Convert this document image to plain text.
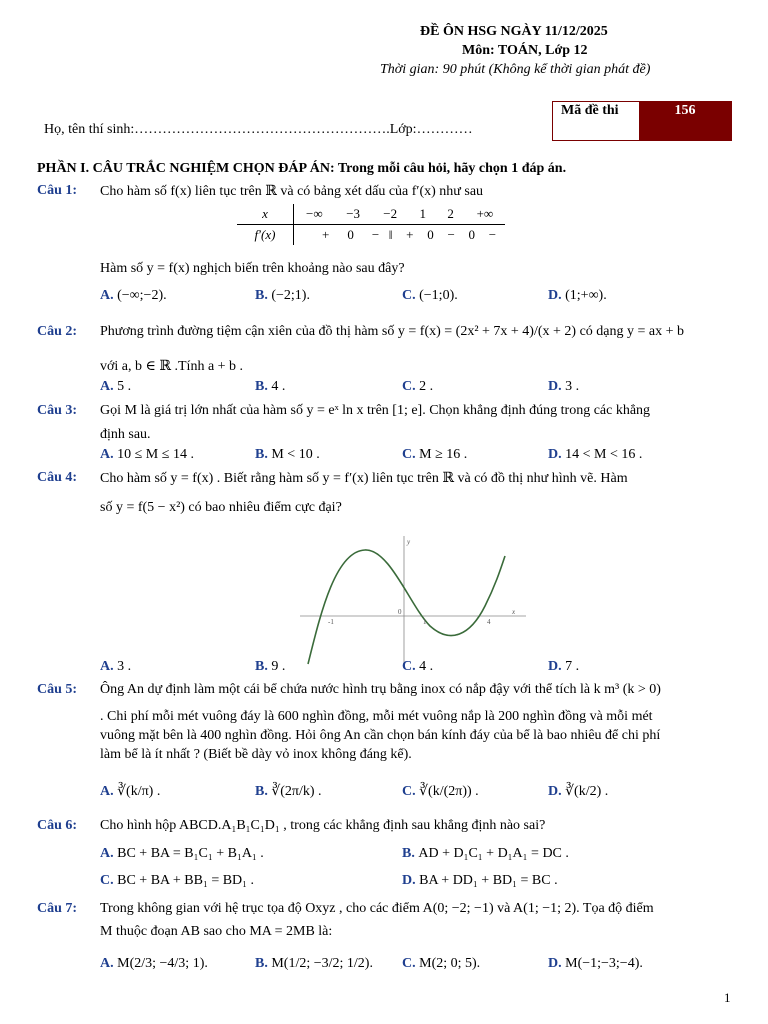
ĐỀ ÔN HSG NGÀY 11/12/2025
Môn: TOÁN, Lớp 12
Thời gian: 90 phút (Không kể thời gian phát đề)
Mã đề thi	156
Họ, tên thí sinh:……………………………………………….Lớp:…………
PHẦN I. CÂU TRẮC NGHIỆM CHỌN ĐÁP ÁN: Trong mỗi câu hỏi, hãy chọn 1 đáp án.
Câu 1: Cho hàm số f(x) liên tục trên ℝ và có bảng xét dấu của f′(x) như sau
x	−∞	−3	−2	1	2	+∞
f′(x)	+ 0 −  ‖   + 0 − 0 −					
Hàm số y = f(x) nghịch biến trên khoảng nào sau đây?
A. (−∞;−2).	B. (−2;1).	C. (−1;0).	D. (1;+∞).
Câu 2: Phương trình đường tiệm cận xiên của đồ thị hàm số y = f(x) = (2x² + 7x + 4)/(x + 2) có dạng y = ax + b
với a, b ∈ ℝ .Tính a + b .
A. 5 .	B. 4 .	C. 2 .	D. 3 .
Câu 3: Gọi M là giá trị lớn nhất của hàm số y = eˣ ln x trên [1; e]. Chọn khẳng định đúng trong các khẳng
định sau.
A. 10 ≤ M ≤ 14 .	B. M < 10 .	C. M ≥ 16 .	D. 14 < M < 16 .
Câu 4: Cho hàm số y = f(x) . Biết rằng hàm số y = f′(x) liên tục trên ℝ và có đồ thị như hình vẽ. Hàm
số y = f(5 − x²) có bao nhiêu điểm cực đại?
-1
0
1	4
x
y
A. 3 .	B. 9 .	C. 4 .	D. 7 .
Câu 5: Ông An dự định làm một cái bể chứa nước hình trụ bằng inox có nắp đậy với thể tích là k m³ (k > 0)
. Chi phí mỗi mét vuông đáy là 600 nghìn đồng, mỗi mét vuông nắp là 200 nghìn đồng và mỗi mét
vuông mặt bên là 400 nghìn đồng. Hỏi ông An cần chọn bán kính đáy của bể là bao nhiêu để chi phí
làm bể là ít nhất ? (Biết bề dày vỏ inox không đáng kể).
A. ∛(k/π) .	B. ∛(2π/k) .	C. ∛(k/(2π)) .	D. ∛(k/2) .
Câu 6: Cho hình hộp ABCD.A₁B₁C₁D₁ , trong các khẳng định sau khẳng định nào sai?
A. BC + BA = B₁C₁ + B₁A₁ .	B. AD + D₁C₁ + D₁A₁ = DC .
C. BC + BA + BB₁ = BD₁ .	D. BA + DD₁ + BD₁ = BC .
Câu 7: Trong không gian với hệ trục tọa độ Oxyz , cho các điểm A(0; −2; −1) và A(1; −1; 2). Tọa độ điểm
M thuộc đoạn AB sao cho MA = 2MB là:
A. M(2/3; −4/3; 1).	B. M(1/2; −3/2; 1/2). C. M(2; 0; 5).	D. M(−1;−3;−4).
1
